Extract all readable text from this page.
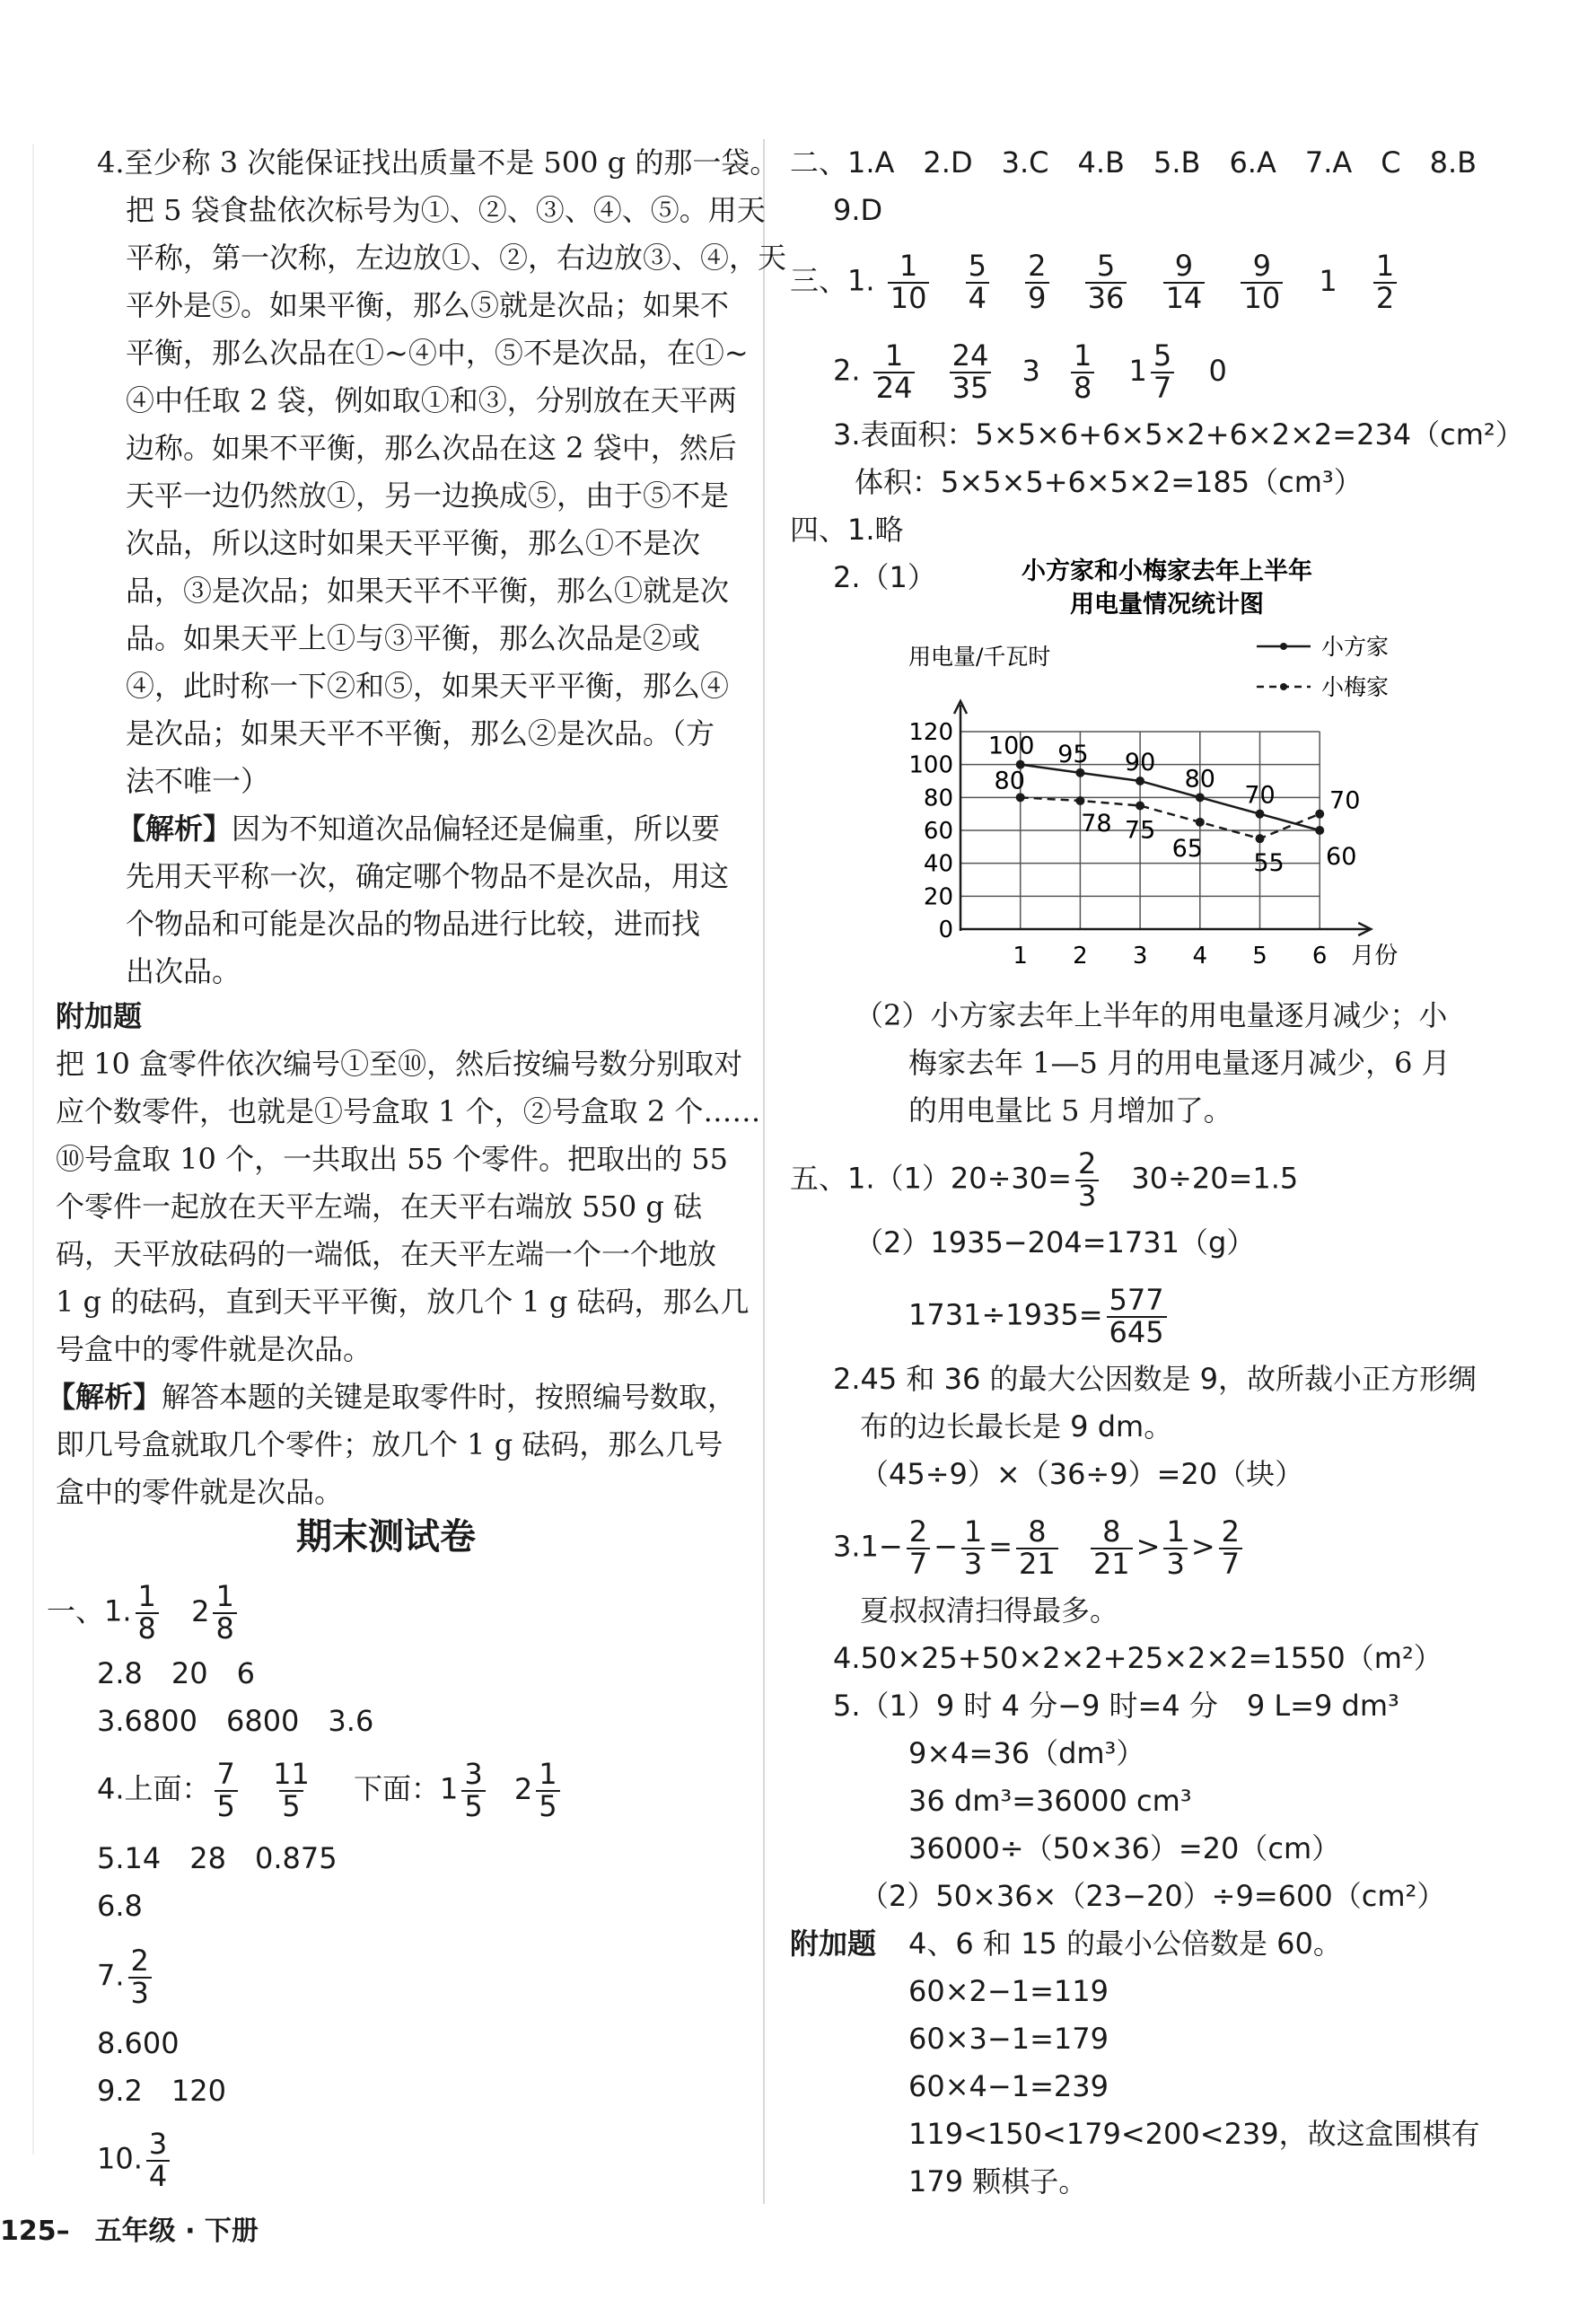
4.至少称 3 次能保证找出质量不是 500 g 的那一袋。
把 5 袋食盐依次标号为①、②、③、④、⑤。用天
平称，第一次称，左边放①、②，右边放③、④，天
平外是⑤。如果平衡，那么⑤就是次品；如果不
平衡，那么次品在①~④中，⑤不是次品，在①~
④中任取 2 袋，例如取①和③，分别放在天平两
边称。如果不平衡，那么次品在这 2 袋中，然后
天平一边仍然放①，另一边换成⑤，由于⑤不是
次品，所以这时如果天平平衡，那么①不是次
品，③是次品；如果天平不平衡，那么①就是次
品。如果天平上①与③平衡，那么次品是②或
④，此时称一下②和⑤，如果天平平衡，那么④
是次品；如果天平不平衡，那么②是次品。（方
法不唯一）
【解析】因为不知道次品偏轻还是偏重，所以要
先用天平称一次，确定哪个物品不是次品，用这
个物品和可能是次品的物品进行比较，进而找
出次品。
附加题
把 10 盒零件依次编号①至⑩，然后按编号数分别取对
应个数零件，也就是①号盒取 1 个，②号盒取 2 个……
⑩号盒取 10 个，一共取出 55 个零件。把取出的 55
个零件一起放在天平左端，在天平右端放 550 g 砝
码，天平放砝码的一端低，在天平左端一个一个地放
1 g 的砝码，直到天平平衡，放几个 1 g 砝码，那么几
号盒中的零件就是次品。
【解析】解答本题的关键是取零件时，按照编号数取，
即几号盒就取几个零件；放几个 1 g 砝码，那么几号
盒中的零件就是次品。
期末测试卷
一、1. $\frac{1}{8} 2 \frac{1}{8}$
2.8　20　6
3.6800　6800　3.6
4.上面： $\frac{7}{5}$
$\frac{11}{5}$ 　下面：$1 \frac{3}{5} 2 \frac{1}{5}$
5.14　28　0.875
6.8
7. $\frac{2}{3}$
8.600
9.2　120
10. $\frac{3}{4}$
二、1.A　2.D　3.C　4.B　5.B　6.A　7.A　C　8.B
9.D
三、1. $\frac{1}{10}$
$\frac{5}{4}$
$\frac{2}{9}$
$\frac{5}{36}$
$\frac{9}{14}$
$\frac{9}{10} 1 \frac{1}{2}$
2. $\frac{1}{24}$
$\frac{24}{35} 3 \frac{1}{8} 1 \frac{5}{7} 0$
3.表面积：5×5×6+6×5×2+6×2×2=234（cm²）
体积：5×5×5+6×5×2=185（cm³）
四、1.略
2.（1）	小方家和小梅家去年上半年
用电量情况统计图
用电量/千瓦时	小方家
小梅家
0
20
40
60
80
100
120
1 2 3 4 5 6 月份
100 95 90
80
70
60
80
78 75
65
55
70
（2）小方家去年上半年的用电量逐月减少；小
梅家去年 1—5 月的用电量逐月减少，6 月
的用电量比 5 月增加了。
五、$1.(1)20\div 30= \frac{2}{3}$ 　30÷20=1.5
（2）1935−204=1731（g）
$1731\div 1935= \frac{577}{645}$
2.45 和 36 的最大公因数是 9，故所裁小正方形绸
布的边长最长是 9 dm。
（45÷9）×（36÷9）=20（块）
$3.1- \frac{2}{7} - \frac{1}{3} = \frac{8}{21}$
$\frac{8}{21} > \frac{1}{3} > \frac{2}{7}$
夏叔叔清扫得最多。
4.50×25+50×2×2+25×2×2=1550（m²）
5.（1）9 时 4 分−9 时=4 分　9 L=9 dm³
9×4=36（dm³）
36 dm³=36000 cm³
36000÷（50×36）=20（cm）
（2）50×36×（23−20）÷9=600（cm²）
附加题 4、6 和 15 的最小公倍数是 60。
60×2−1=119
60×3−1=179
60×4−1=239
119<150<179<200<239，故这盒围棋有
179 颗棋子。
125– 五年级 · 下册
